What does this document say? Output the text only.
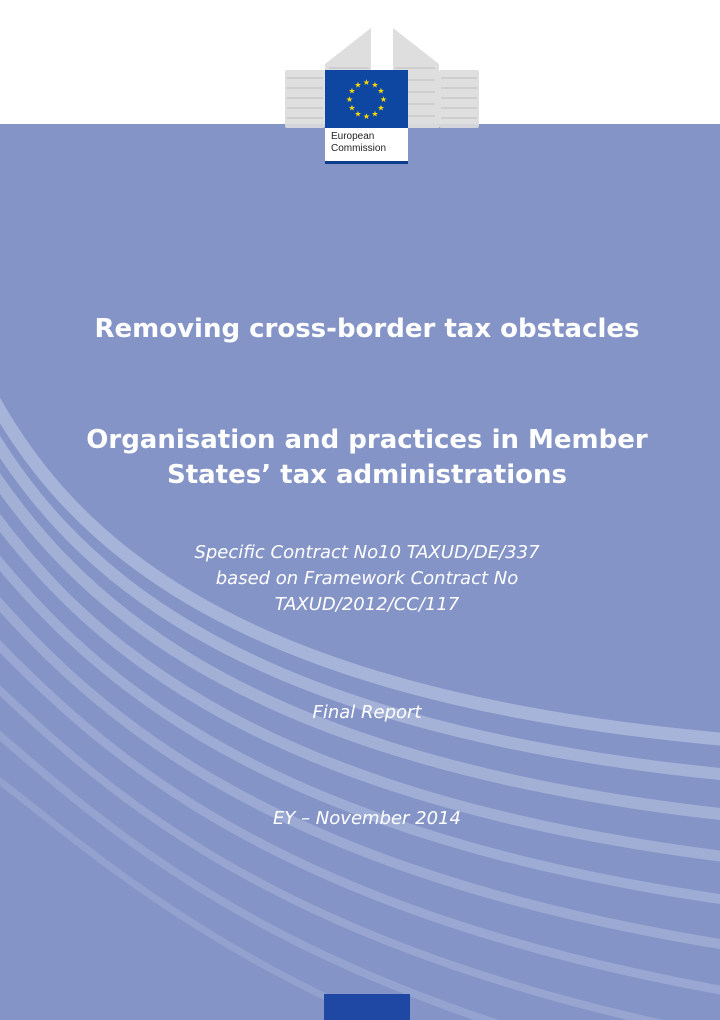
★ ★
★
★
★
★
★
★
★
★
★
★
European
Commission
Removing cross-border tax obstacles
Organisation and practices in Member States’ tax administrations
Specific Contract No10 TAXUD/DE/337
based on Framework Contract No
TAXUD/2012/CC/117
Final Report
EY – November 2014
